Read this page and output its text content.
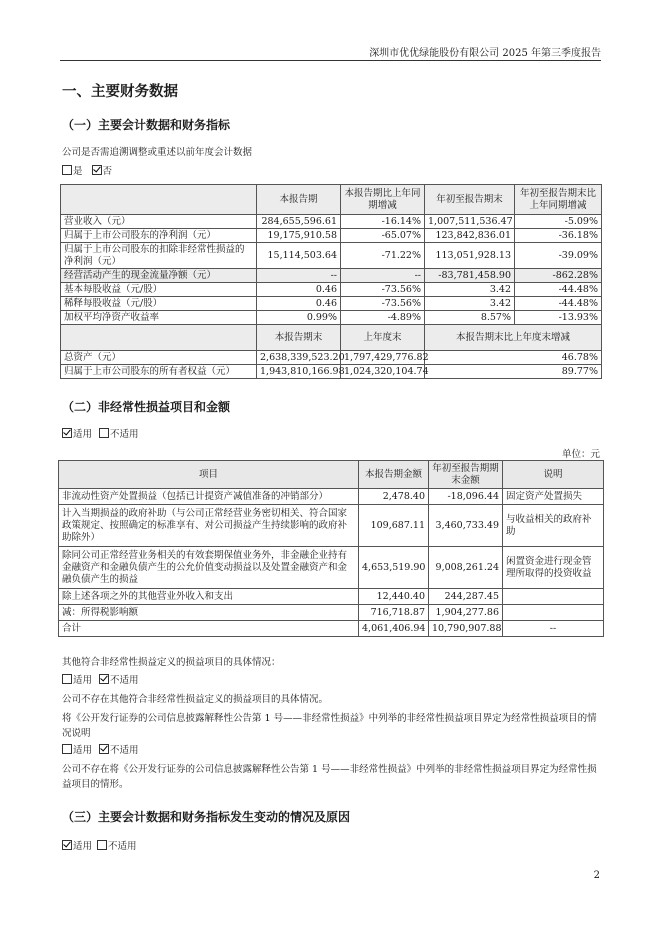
深圳市优优绿能股份有限公司 2025 年第三季度报告
一、主要财务数据
（一）主要会计数据和财务指标
公司是否需追溯调整或重述以前年度会计数据
是 否
	本报告期	本报告期比上年同期增减	年初至报告期末	年初至报告期末比上年同期增减
营业收入（元）	284,655,596.61	-16.14%	1,007,511,536.47	-5.09%
归属于上市公司股东的净利润（元）	19,175,910.58	-65.07%	123,842,836.01	-36.18%
归属于上市公司股东的扣除非经常性损益的净利润（元）	15,114,503.64	-71.22%	113,051,928.13	-39.09%
经营活动产生的现金流量净额（元）	--	--	-83,781,458.90	-862.28%
基本每股收益（元/股）	0.46	-73.56%	3.42	-44.48%
稀释每股收益（元/股）	0.46	-73.56%	3.42	-44.48%
加权平均净资产收益率	0.99%	-4.89%	8.57%	-13.93%
	本报告期末	上年度末	本报告期末比上年度末增减	
总资产（元）	2,638,339,523.20	1,797,429,776.82	46.78%	
归属于上市公司股东的所有者权益（元）	1,943,810,166.98	1,024,320,104.74	89.77%	
（二）非经常性损益项目和金额
适用 不适用
单位：元
项目	本报告期金额	年初至报告期期末金额	说明
非流动性资产处置损益（包括已计提资产减值准备的冲销部分）	2,478.40	-18,096.44	固定资产处置损失
计入当期损益的政府补助（与公司正常经营业务密切相关、符合国家政策规定、按照确定的标准享有、对公司损益产生持续影响的政府补助除外）	109,687.11	3,460,733.49	与收益相关的政府补助
除同公司正常经营业务相关的有效套期保值业务外，非金融企业持有金融资产和金融负债产生的公允价值变动损益以及处置金融资产和金融负债产生的损益	4,653,519.90	9,008,261.24	闲置资金进行现金管理所取得的投资收益
除上述各项之外的其他营业外收入和支出	12,440.40	244,287.45	
减：所得税影响额	716,718.87	1,904,277.86	
合计	4,061,406.94	10,790,907.88	--
其他符合非经常性损益定义的损益项目的具体情况：
适用 不适用
公司不存在其他符合非经常性损益定义的损益项目的具体情况。
将《公开发行证券的公司信息披露解释性公告第 1 号——非经常性损益》中列举的非经常性损益项目界定为经常性损益项目的情况说明
适用 不适用
公司不存在将《公开发行证券的公司信息披露解释性公告第 1 号——非经常性损益》中列举的非经常性损益项目界定为经常性损益项目的情形。
（三）主要会计数据和财务指标发生变动的情况及原因
适用 不适用
2
